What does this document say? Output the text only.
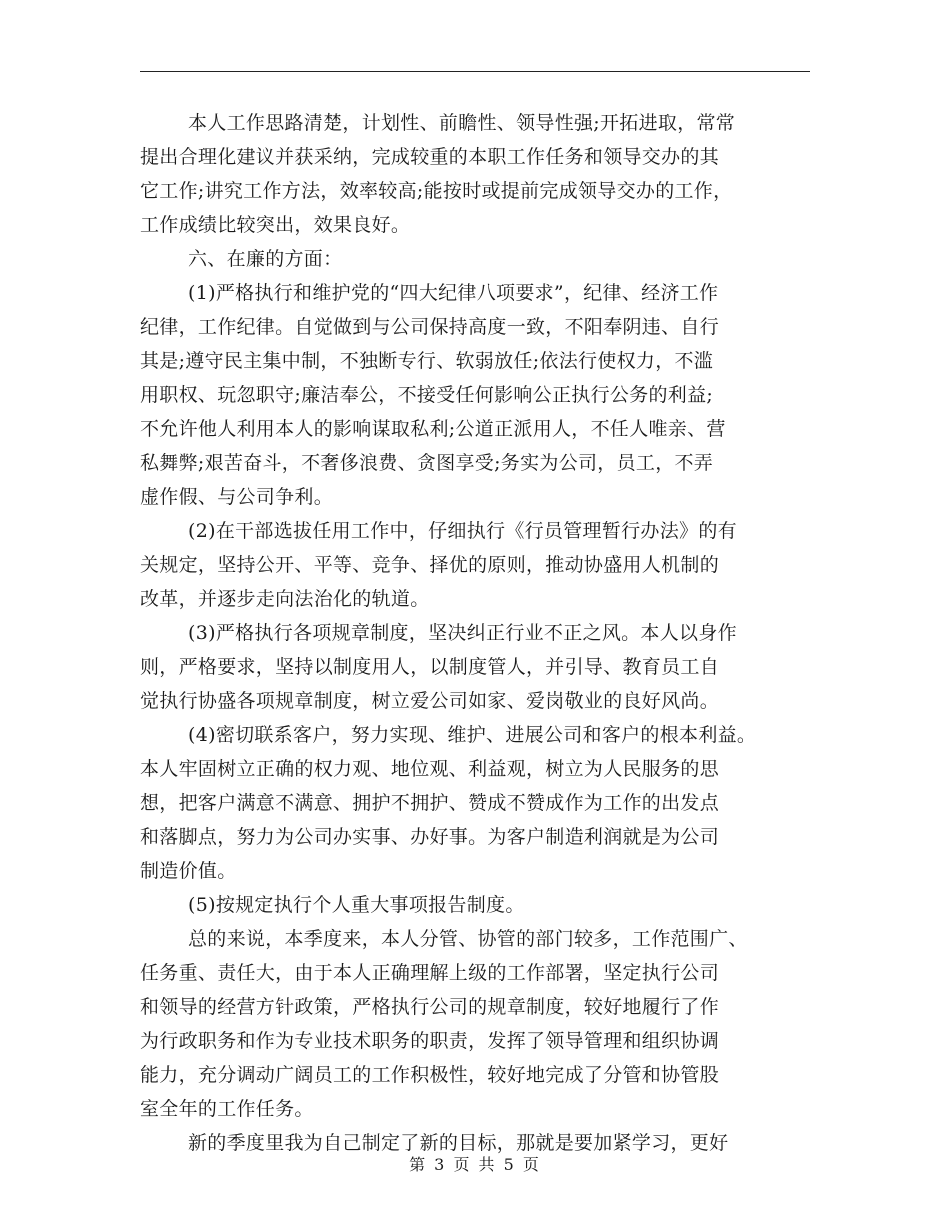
本人工作思路清楚，计划性、前瞻性、领导性强;开拓进取，常常
提出合理化建议并获采纳，完成较重的本职工作任务和领导交办的其
它工作;讲究工作方法，效率较高;能按时或提前完成领导交办的工作，
工作成绩比较突出，效果良好。
六、在廉的方面：
(1)严格执行和维护党的“四大纪律八项要求”，纪律、经济工作
纪律，工作纪律。自觉做到与公司保持高度一致，不阳奉阴违、自行
其是;遵守民主集中制，不独断专行、软弱放任;依法行使权力，不滥
用职权、玩忽职守;廉洁奉公，不接受任何影响公正执行公务的利益;
不允许他人利用本人的影响谋取私利;公道正派用人，不任人唯亲、营
私舞弊;艰苦奋斗，不奢侈浪费、贪图享受;务实为公司，员工，不弄
虚作假、与公司争利。
(2)在干部选拔任用工作中，仔细执行《行员管理暂行办法》的有
关规定，坚持公开、平等、竞争、择优的原则，推动协盛用人机制的
改革，并逐步走向法治化的轨道。
(3)严格执行各项规章制度，坚决纠正行业不正之风。本人以身作
则，严格要求，坚持以制度用人，以制度管人，并引导、教育员工自
觉执行协盛各项规章制度，树立爱公司如家、爱岗敬业的良好风尚。
(4)密切联系客户，努力实现、维护、进展公司和客户的根本利益。
本人牢固树立正确的权力观、地位观、利益观，树立为人民服务的思
想，把客户满意不满意、拥护不拥护、赞成不赞成作为工作的出发点
和落脚点，努力为公司办实事、办好事。为客户制造利润就是为公司
制造价值。
(5)按规定执行个人重大事项报告制度。
总的来说，本季度来，本人分管、协管的部门较多，工作范围广、
任务重、责任大，由于本人正确理解上级的工作部署，坚定执行公司
和领导的经营方针政策，严格执行公司的规章制度，较好地履行了作
为行政职务和作为专业技术职务的职责，发挥了领导管理和组织协调
能力，充分调动广阔员工的工作积极性，较好地完成了分管和协管股
室全年的工作任务。
新的季度里我为自己制定了新的目标，那就是要加紧学习，更好
第 3 页 共 5 页
